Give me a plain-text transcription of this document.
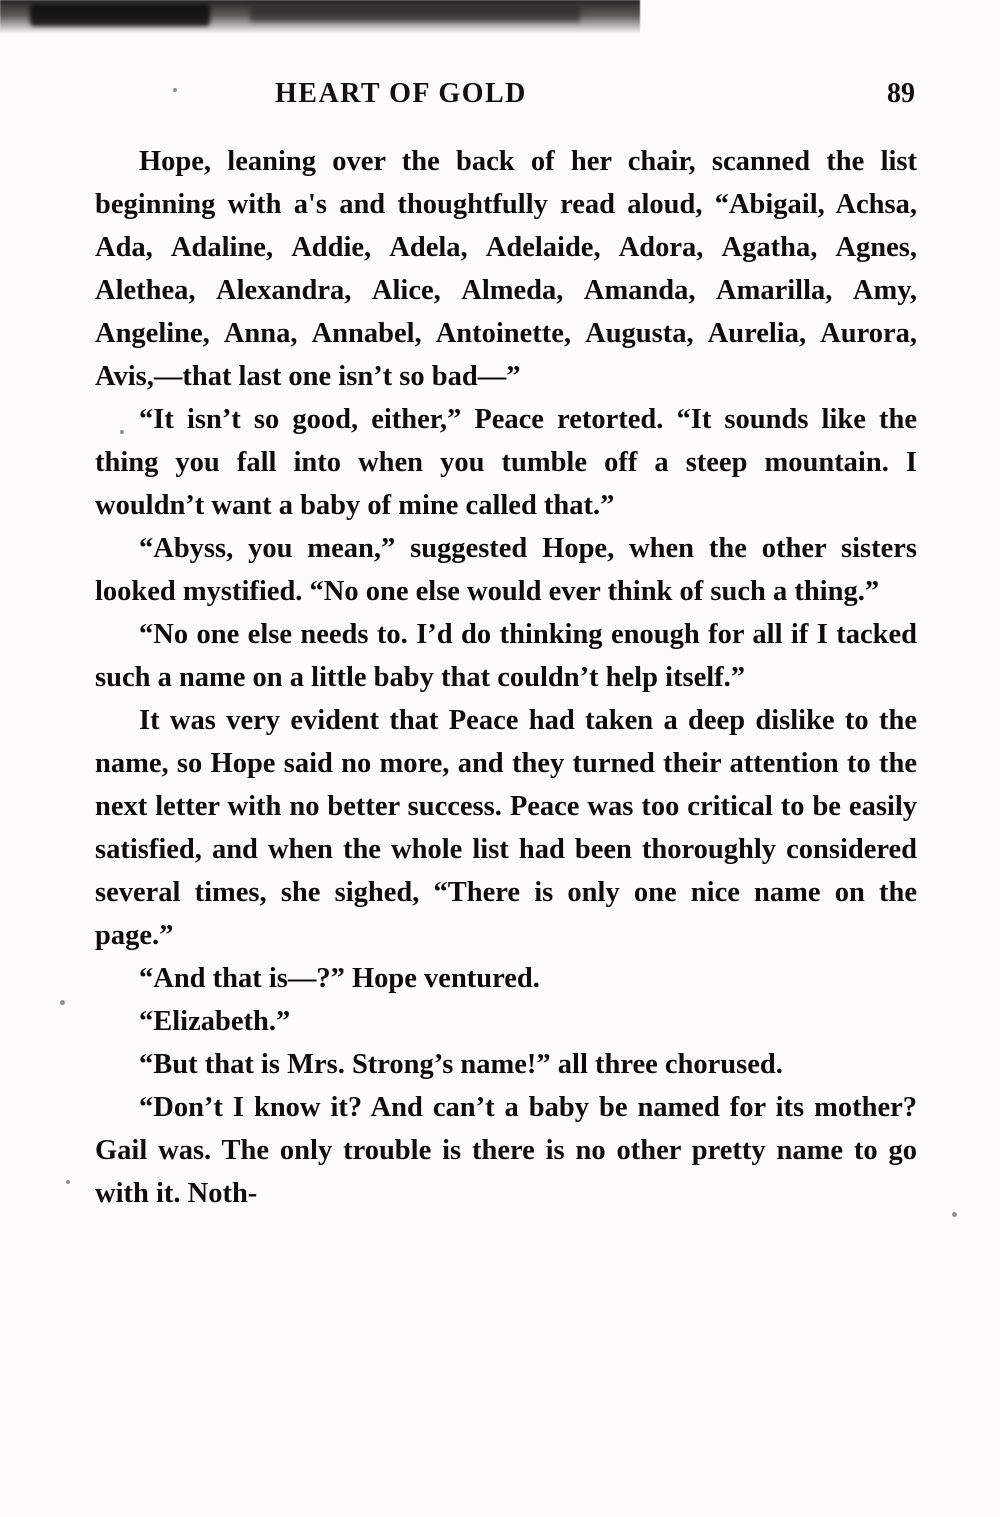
HEART OF GOLD	89

Hope, leaning over the back of her chair, scanned the list beginning with a's and thoughtfully read aloud, “Abigail, Achsa, Ada, Adaline, Addie, Adela, Adelaide, Adora, Agatha, Agnes, Alethea, Alexandra, Alice, Almeda, Amanda, Amarilla, Amy, Angeline, Anna, Annabel, Antoinette, Augusta, Aurelia, Aurora, Avis,—that last one isn’t so bad—”

“It isn’t so good, either,” Peace retorted. “It sounds like the thing you fall into when you tumble off a steep mountain. I wouldn’t want a baby of mine called that.”

“Abyss, you mean,” suggested Hope, when the other sisters looked mystified. “No one else would ever think of such a thing.”

“No one else needs to. I’d do thinking enough for all if I tacked such a name on a little baby that couldn’t help itself.”

It was very evident that Peace had taken a deep dislike to the name, so Hope said no more, and they turned their attention to the next letter with no better success. Peace was too critical to be easily satisfied, and when the whole list had been thoroughly considered several times, she sighed, “There is only one nice name on the page.”

“And that is—?” Hope ventured.

“Elizabeth.”

“But that is Mrs. Strong’s name!” all three chorused.

“Don’t I know it? And can’t a baby be named for its mother? Gail was. The only trouble is there is no other pretty name to go with it. Noth-
